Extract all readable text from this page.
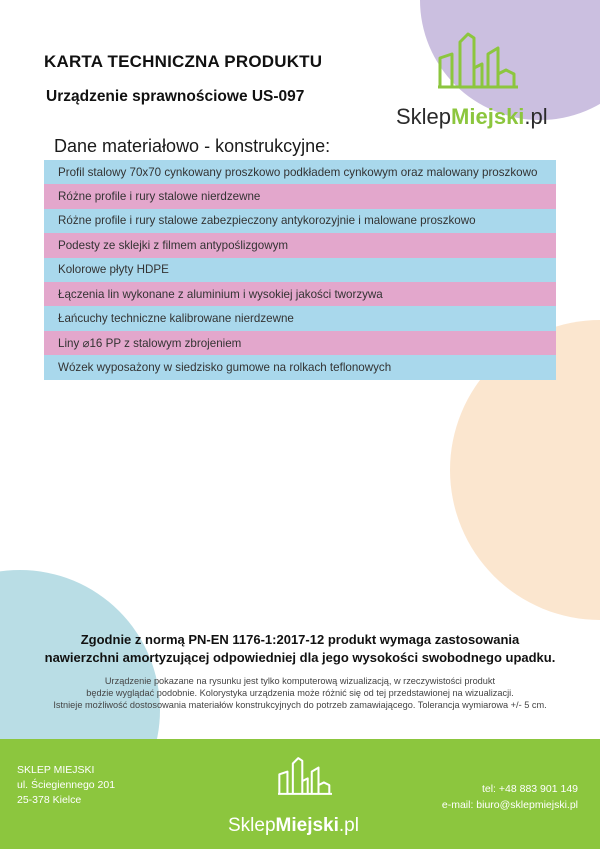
KARTA TECHNICZNA PRODUKTU
Urządzenie sprawnościowe US-097
SklepMiejski.pl
Dane materiałowo - konstrukcyjne:
Profil stalowy 70x70 cynkowany proszkowo podkładem cynkowym oraz malowany proszkowo
Różne profile i rury stalowe nierdzewne
Różne profile i rury stalowe zabezpieczony antykorozyjnie i malowane proszkowo
Podesty ze sklejki z filmem antypoślizgowym
Kolorowe płyty HDPE
Łączenia lin wykonane z aluminium i wysokiej jakości tworzywa
Łańcuchy techniczne kalibrowane nierdzewne
Liny ⌀16 PP z stalowym zbrojeniem
Wózek wyposażony w siedzisko gumowe na rolkach teflonowych
Zgodnie z normą PN-EN 1176-1:2017-12 produkt wymaga zastosowania
nawierzchni amortyzującej odpowiedniej dla jego wysokości swobodnego upadku.
Urządzenie pokazane na rysunku jest tylko komputerową wizualizacją, w rzeczywistości produkt
będzie wyglądać podobnie. Kolorystyka urządzenia może różnić się od tej przedstawionej na wizualizacji.
Istnieje możliwość dostosowania materiałów konstrukcyjnych do potrzeb zamawiającego. Tolerancja wymiarowa +/- 5 cm.
SKLEP MIEJSKI
ul. Ściegiennego 201
25-378 Kielce
SklepMiejski.pl
tel: +48 883 901 149
e-mail: biuro@sklepmiejski.pl
